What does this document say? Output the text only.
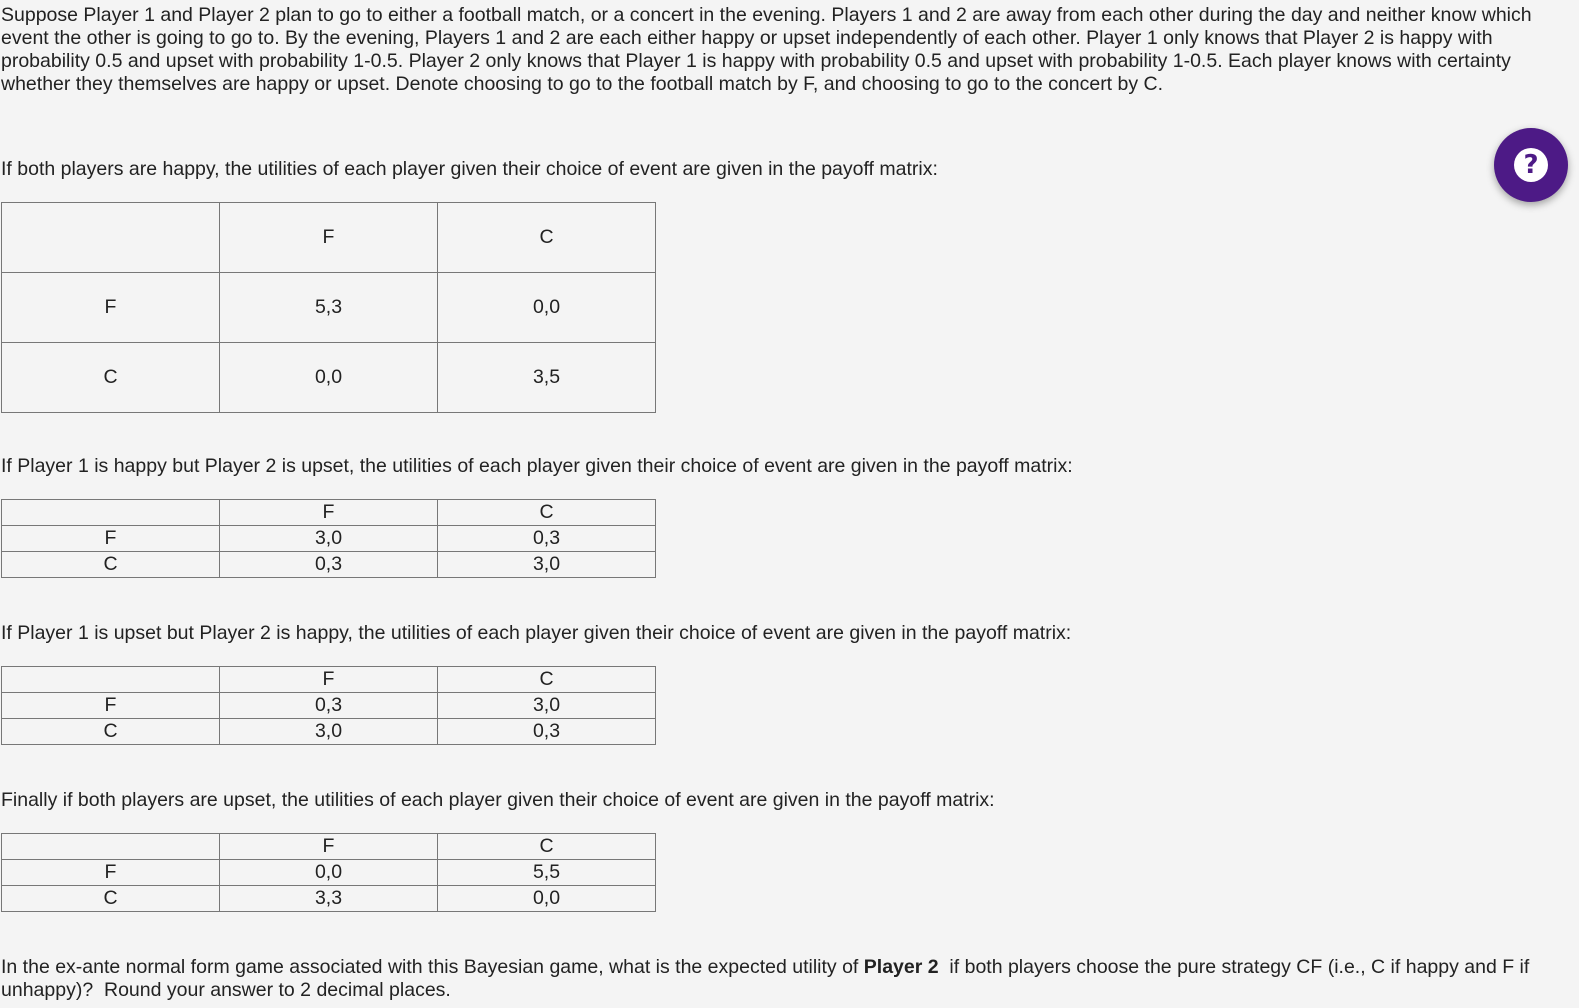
Suppose Player 1 and Player 2 plan to go to either a football match, or a concert in the evening. Players 1 and 2 are away from each other during the day and neither know which event the other is going to go to. By the evening, Players 1 and 2 are each either happy or upset independently of each other. Player 1 only knows that Player 2 is happy with probability 0.5 and upset with probability 1-0.5. Player 2 only knows that Player 1 is happy with probability 0.5 and upset with probability 1-0.5. Each player knows with certainty whether they themselves are happy or upset. Denote choosing to go to the football match by F, and choosing to go to the concert by C.

?

If both players are happy, the utilities of each player given their choice of event are given in the payoff matrix:

	F	C
F	5,3	0,0
C	0,0	3,5

If Player 1 is happy but Player 2 is upset, the utilities of each player given their choice of event are given in the payoff matrix:

	F	C
F	3,0	0,3
C	0,3	3,0

If Player 1 is upset but Player 2 is happy, the utilities of each player given their choice of event are given in the payoff matrix:

	F	C
F	0,3	3,0
C	3,0	0,3

Finally if both players are upset, the utilities of each player given their choice of event are given in the payoff matrix:

	F	C
F	0,0	5,5
C	3,3	0,0

In the ex-ante normal form game associated with this Bayesian game, what is the expected utility of Player 2  if both players choose the pure strategy CF (i.e., C if happy and F if unhappy)?  Round your answer to 2 decimal places.
